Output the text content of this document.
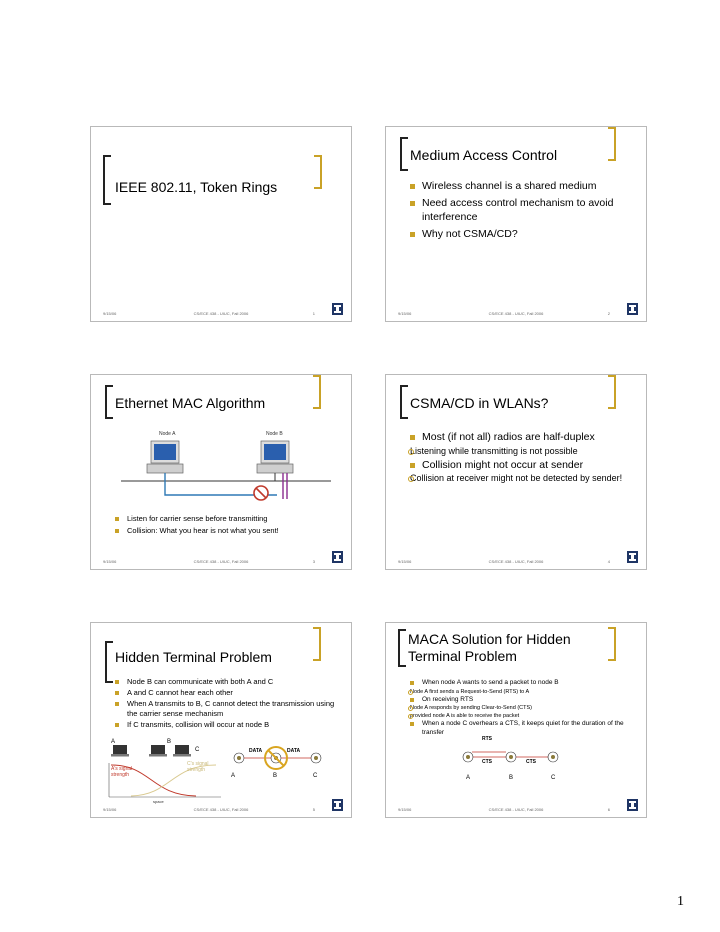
IEEE 802.11, Token Rings
9/15/06	CS/ECE 438 - UIUC, Fall 2006	1
Medium Access Control
Wireless channel is a shared medium
Need access control mechanism to avoid interference
Why not CSMA/CD?
9/15/06	CS/ECE 438 - UIUC, Fall 2006	2
Ethernet MAC Algorithm
Node A	Node B
Listen for carrier sense before transmitting
Collision: What you hear is not what you sent!
9/15/06	CS/ECE 438 - UIUC, Fall 2006	3
CSMA/CD in WLANs?
Most (if not all) radios are half-duplex
Listening while transmitting is not possible
Collision might not occur at sender
Collision at receiver might not be detected by sender!
9/15/06	CS/ECE 438 - UIUC, Fall 2006	4
Hidden Terminal Problem
Node B can communicate with both A and C
A and C cannot hear each other
When A transmits to B, C cannot detect the transmission using the carrier sense mechanism
If C transmits, collision will occur at node B
A	B
C	DATA	DATA
A	B	C
A's signal strength
C's signal strength
space
9/15/06	CS/ECE 438 - UIUC, Fall 2006	5
MACA Solution for Hidden Terminal Problem
When node A wants to send a packet to node B
Node A first sends a Request-to-Send (RTS) to A
On receiving RTS
Node A responds by sending Clear-to-Send (CTS)
provided node A is able to receive the packet
When a node C overhears a CTS, it keeps quiet for the duration of the transfer
RTS
CTS	CTS
A	B	C
9/15/06	CS/ECE 438 - UIUC, Fall 2006	6
1
